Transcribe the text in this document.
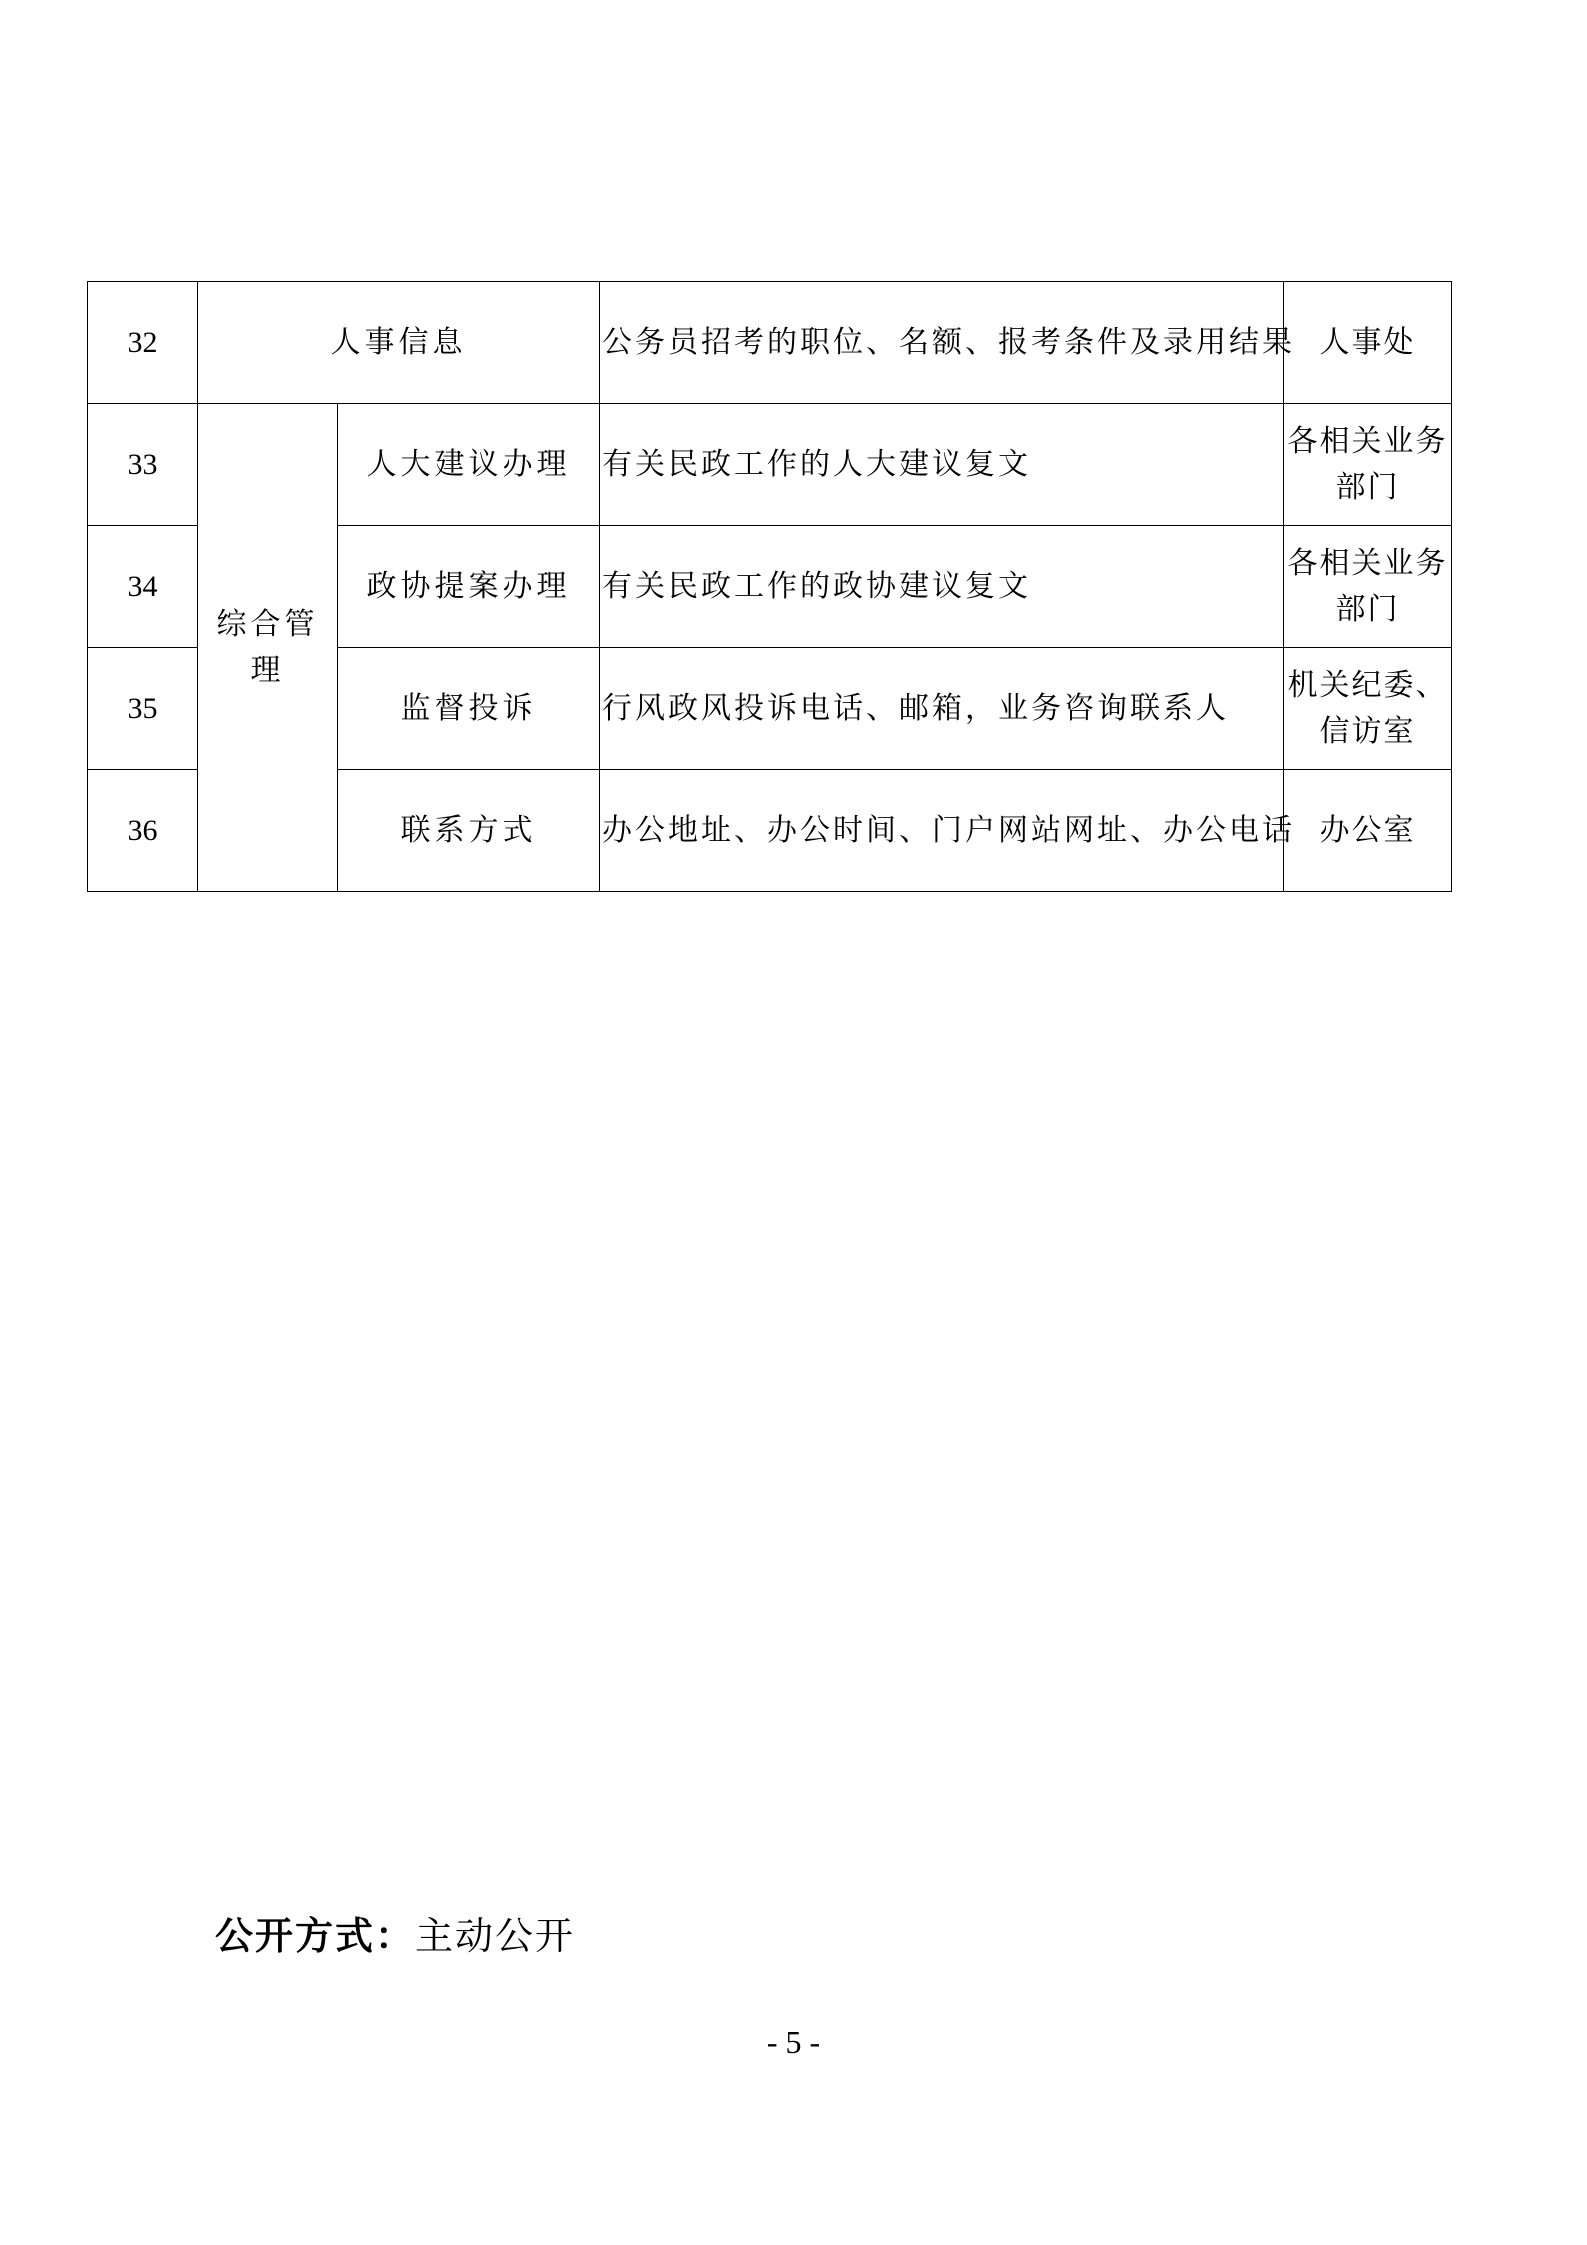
32	人事信息		公务员招考的职位、名额、报考条件及录用结果	人事处
33	综合管理	人大建议办理	有关民政工作的人大建议复文	各相关业务
部门
34		政协提案办理	有关民政工作的政协建议复文	各相关业务
部门
35		监督投诉	行风政风投诉电话、邮箱，业务咨询联系人	机关纪委、
信访室
36		联系方式	办公地址、办公时间、门户网站网址、办公电话	办公室
公开方式：主动公开
- 5 -
